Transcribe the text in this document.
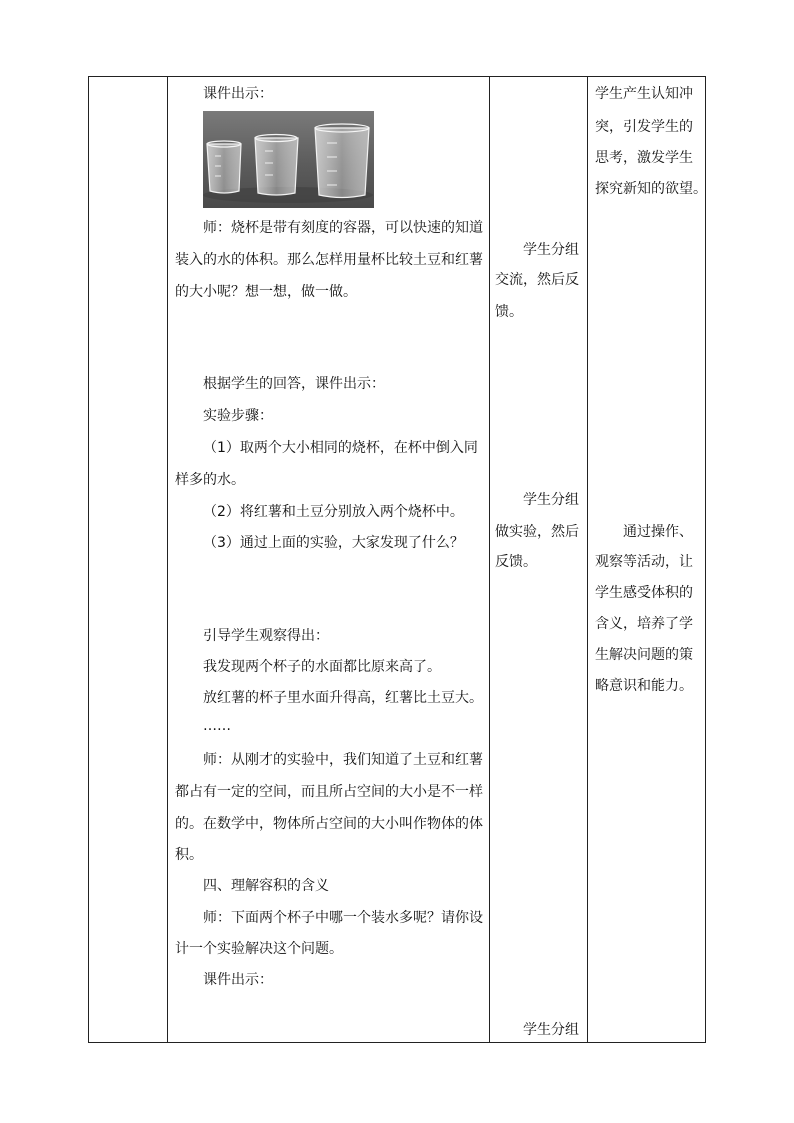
课件出示：
师：烧杯是带有刻度的容器，可以快速的知道
装入的水的体积。那么怎样用量杯比较土豆和红薯
的大小呢？想一想，做一做。
根据学生的回答，课件出示：
实验步骤：
（1）取两个大小相同的烧杯，在杯中倒入同
样多的水。
（2）将红薯和土豆分别放入两个烧杯中。
（3）通过上面的实验，大家发现了什么？
引导学生观察得出：
我发现两个杯子的水面都比原来高了。
放红薯的杯子里水面升得高，红薯比土豆大。
……
师：从刚才的实验中，我们知道了土豆和红薯
都占有一定的空间，而且所占空间的大小是不一样
的。在数学中，物体所占空间的大小叫作物体的体
积。
四、理解容积的含义
师：下面两个杯子中哪一个装水多呢？请你设
计一个实验解决这个问题。
课件出示：
学生分组
交流，然后反
馈。
学生分组
做实验，然后
反馈。
学生分组
学生产生认知冲
突，引发学生的
思考，激发学生
探究新知的欲望。
通过操作、
观察等活动，让
学生感受体积的
含义，培养了学
生解决问题的策
略意识和能力。
